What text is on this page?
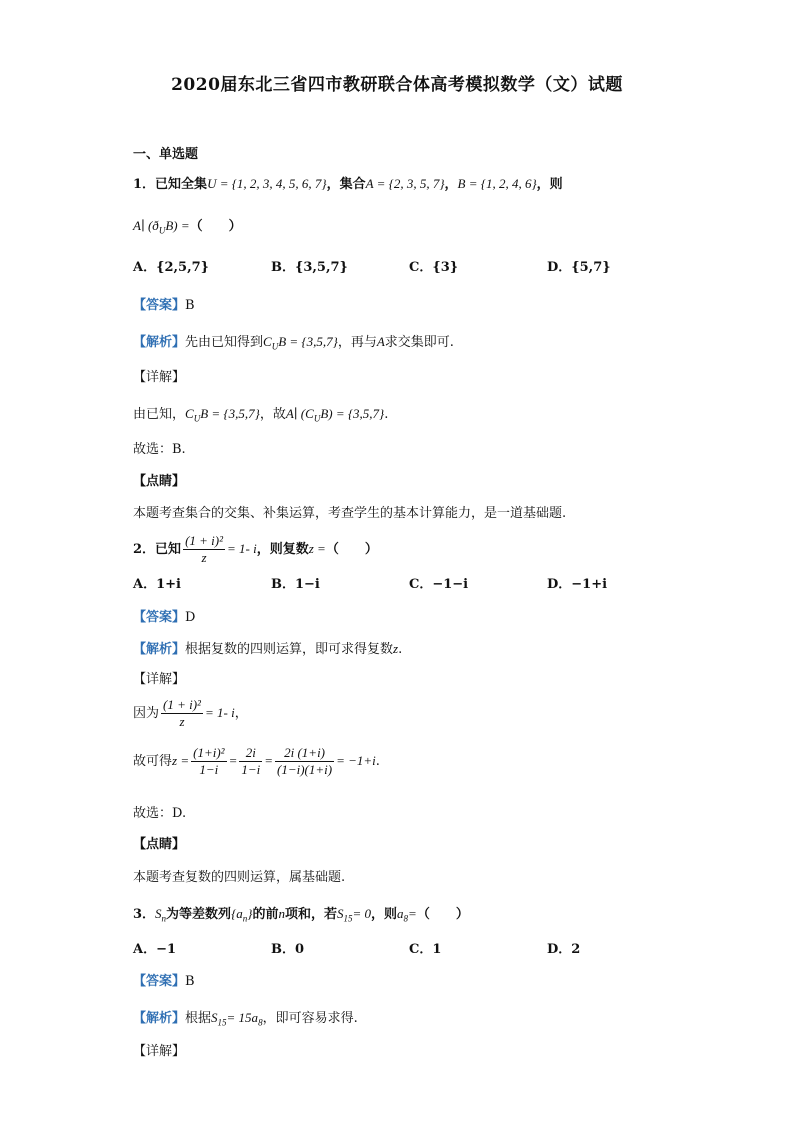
2020届东北三省四市教研联合体高考模拟数学（文）试题
一、单选题
1．已知全集U = {1, 2, 3, 4, 5, 6, 7}，集合A = {2, 3, 5, 7}，B = {1, 2, 4, 6}，则
A∣ $(ð_UB)$ =（　　）
A．{2,5,7}	B．{3,5,7}	C．{3}	D．{5,7}
【答案】B
【解析】先由已知得到$C_UB = \{3,5,7\}$，再与A求交集即可.
【详解】
由已知，$C_UB = \{3,5,7\}$，故A∣ $(C_UB) = \{3,5,7\}$.
故选：B.
【点睛】
本题考查集合的交集、补集运算，考查学生的基本计算能力，是一道基础题.
2．已知 $\frac{\text{(1 + i)²}}{z} = 1-$ i，则复数z =（　　）
A．1+i	B．1−i	C．−1−i	D．−1+i
【答案】D
【解析】根据复数的四则运算，即可求得复数z.
【详解】
因为 $\frac{\text{(1 + i)²}}{z} = 1-$ i，
故可得$z = \frac{\text{(1+i)²}}{1-i} = \frac{2i}{1-i} = \frac{2i (1+i)}{(1-i)(1+i)} = -1+i$.
故选：D.
【点睛】
本题考查复数的四则运算，属基础题.
3．$S_n$为等差数列$\{a_n\}$的前n项和，若$S_{15}= 0$，则$a_8=$（　　）
A．−1	B．0	C．1	D．2
【答案】B
【解析】根据$S_{15}= 15a_8$，即可容易求得.
【详解】
